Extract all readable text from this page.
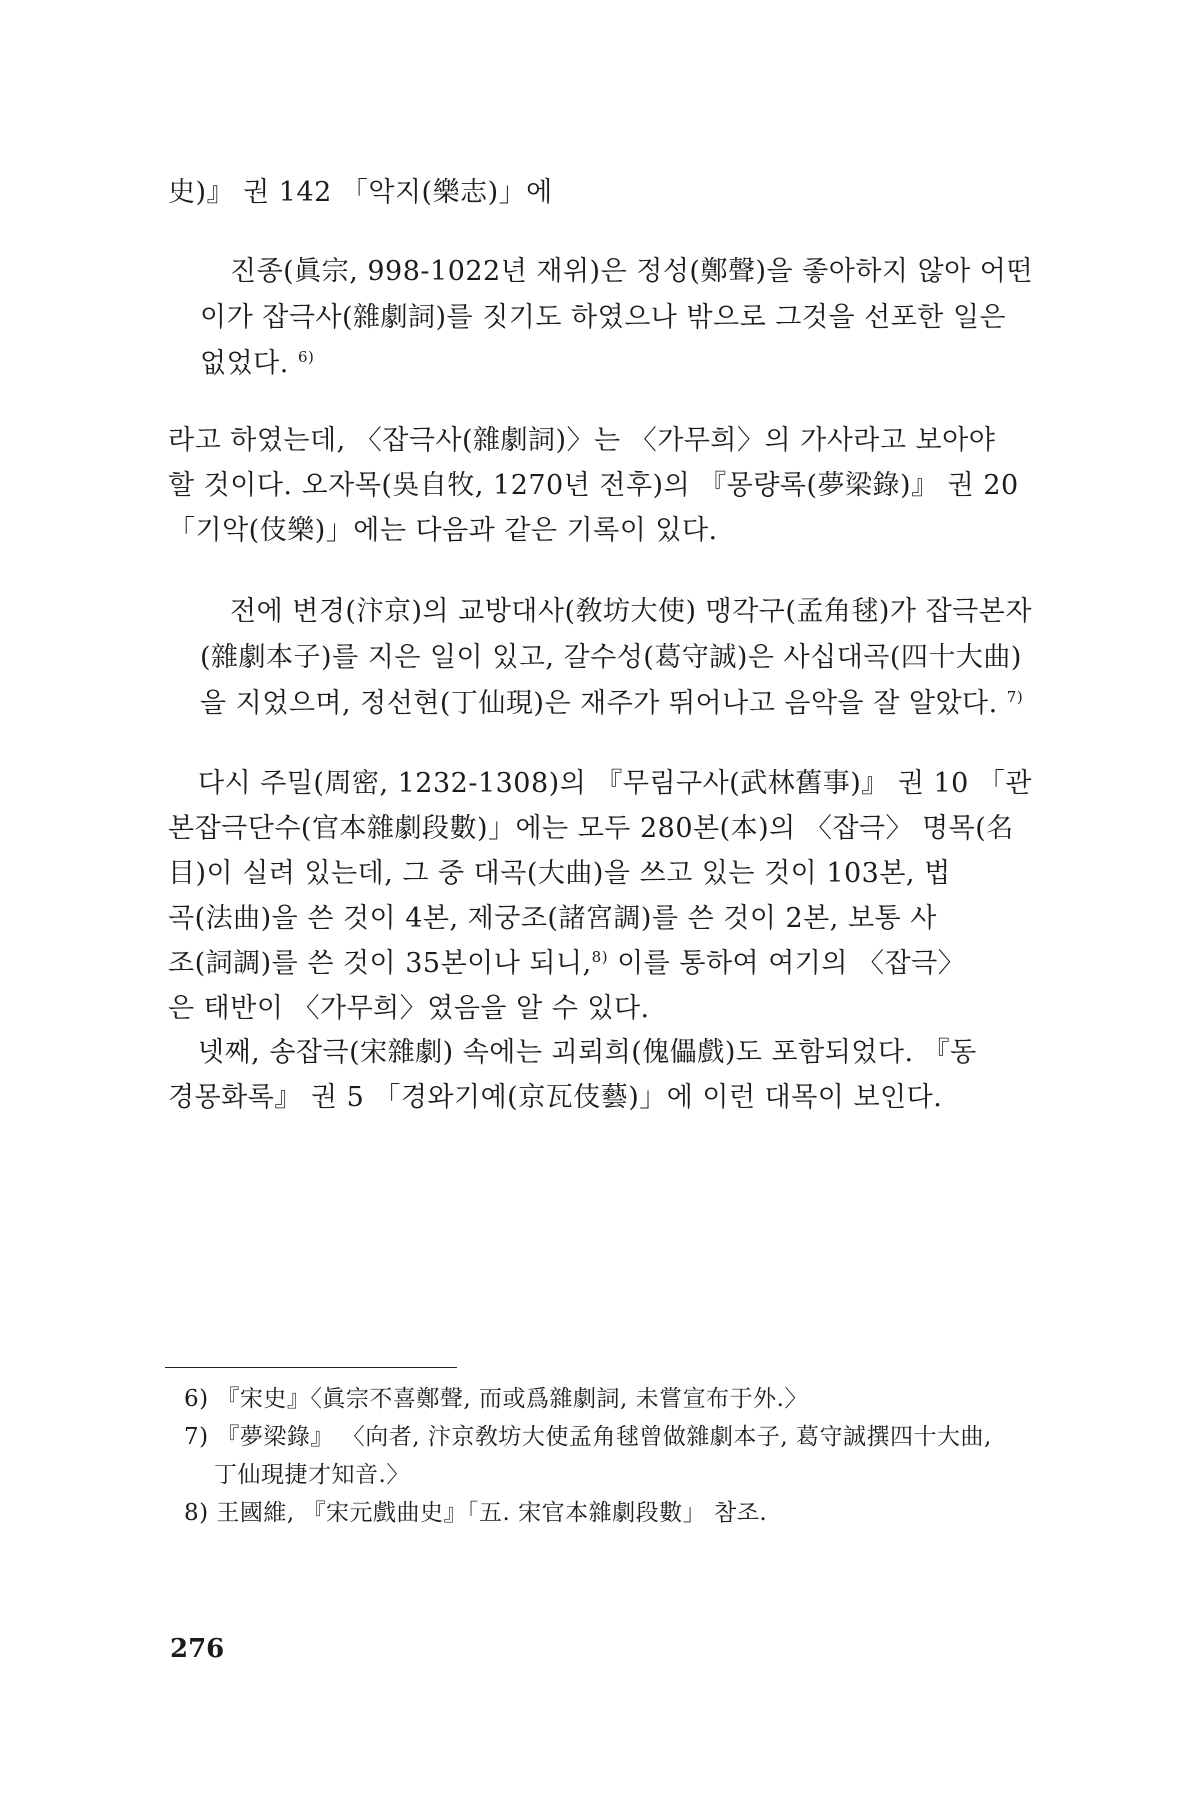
史)』 권 142 「악지(樂志)」에
진종(眞宗, 998-1022년 재위)은 정성(鄭聲)을 좋아하지 않아 어떤
이가 잡극사(雜劇詞)를 짓기도 하였으나 밖으로 그것을 선포한 일은
없었다. $^{6)}$
라고 하였는데, 〈잡극사(雜劇詞)〉는 〈가무희〉의 가사라고 보아야
할 것이다. 오자목(吳自牧, 1270년 전후)의 『몽량록(夢梁錄)』 권 20
「기악(伎樂)」에는 다음과 같은 기록이 있다.
전에 변경(汴京)의 교방대사(敎坊大使) 맹각구(孟角毬)가 잡극본자
(雜劇本子)를 지은 일이 있고, 갈수성(葛守誠)은 사십대곡(四十大曲)
을 지었으며, 정선현(丁仙現)은 재주가 뛰어나고 음악을 잘 알았다. $^{7)}$
다시 주밀(周密, 1232-1308)의 『무림구사(武林舊事)』 권 10 「관
본잡극단수(官本雜劇段數)」에는 모두 280본(本)의 〈잡극〉 명목(名
目)이 실려 있는데, 그 중 대곡(大曲)을 쓰고 있는 것이 103본, 법
곡(法曲)을 쓴 것이 4본, 제궁조(諸宮調)를 쓴 것이 2본, 보통 사
조(詞調)를 쓴 것이 35본이나 되니,$^{8)}$ 이를 통하여 여기의 〈잡극〉
은 태반이 〈가무희〉였음을 알 수 있다.
넷째, 송잡극(宋雜劇) 속에는 괴뢰희(傀儡戲)도 포함되었다. 『동
경몽화록』 권 5 「경와기예(京瓦伎藝)」에 이런 대목이 보인다.
6) 『宋史』〈眞宗不喜鄭聲, 而或爲雜劇詞, 未嘗宣布于外.〉
7) 『夢梁錄』 〈向者, 汴京敎坊大使孟角毬曾做雜劇本子, 葛守誠撰四十大曲,
丁仙現捷才知音.〉
8) 王國維, 『宋元戲曲史』「五. 宋官本雜劇段數」 참조.
276
